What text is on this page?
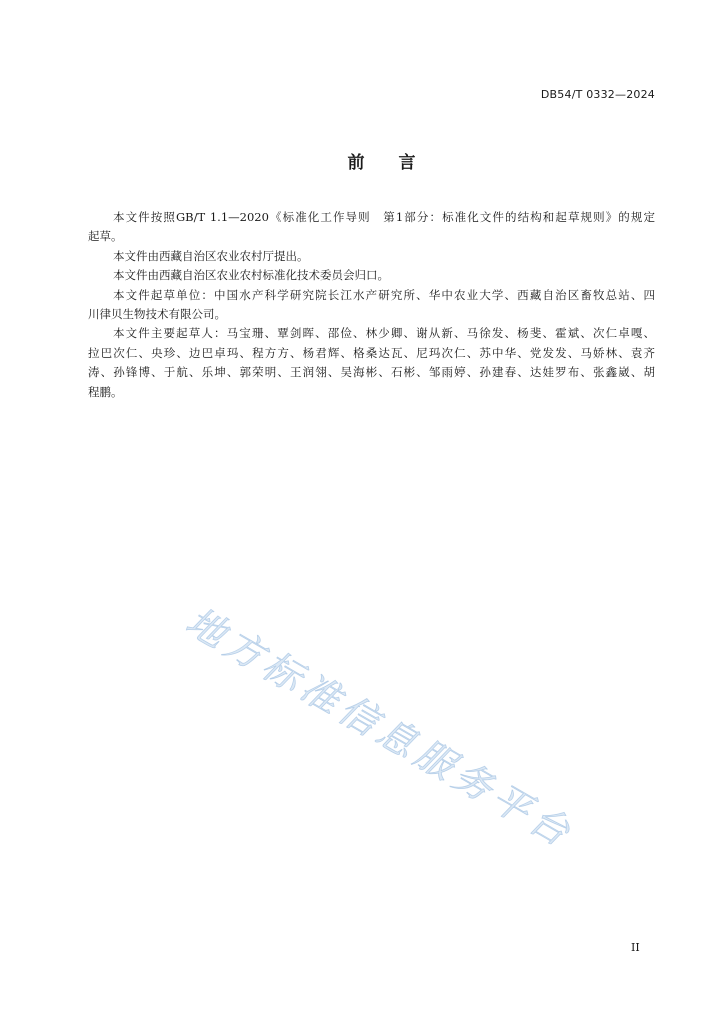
DB54/T 0332—2024
前　　言
本文件按照GB/T 1.1—2020《标准化工作导则　第1部分：标准化文件的结构和起草规则》的规定
起草。
本文件由西藏自治区农业农村厅提出。
本文件由西藏自治区农业农村标准化技术委员会归口。
本文件起草单位：中国水产科学研究院长江水产研究所、华中农业大学、西藏自治区畜牧总站、四
川律贝生物技术有限公司。
本文件主要起草人：马宝珊、覃剑晖、邵俭、林少卿、谢从新、马徐发、杨斐、霍斌、次仁卓嘎、
拉巴次仁、央珍、边巴卓玛、程方方、杨君辉、格桑达瓦、尼玛次仁、苏中华、党发发、马娇林、袁齐
涛、孙锋博、于航、乐坤、郭荣明、王润翎、吴海彬、石彬、邹雨婷、孙建春、达娃罗布、张鑫崴、胡
程鹏。
地方标准信息服务平台
II
